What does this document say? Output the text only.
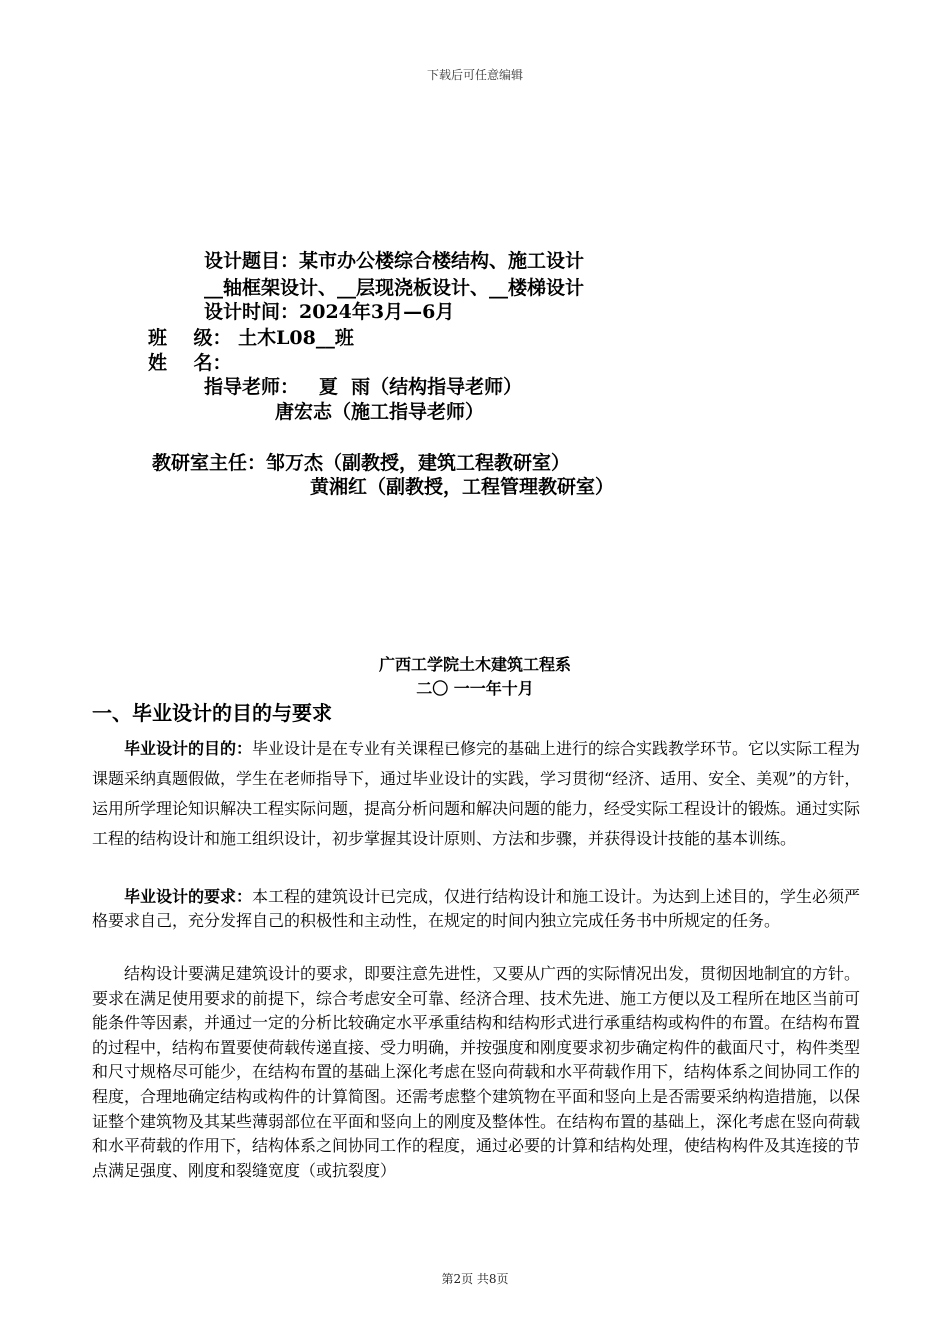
下载后可任意编辑
设计题目：某市办公楼综合楼结构、施工设计
__轴框架设计、__层现浇板设计、__楼梯设计
设计时间：2024年3月—6月
班    级： 土木L08__班
姓    名：
指导老师：   夏  雨（结构指导老师）
唐宏志（施工指导老师）
教研室主任：邹万杰（副教授，建筑工程教研室）
黄湘红（副教授，工程管理教研室）
广西工学院土木建筑工程系
二〇 一一年十月
一、毕业设计的目的与要求

毕业设计的目的：毕业设计是在专业有关课程已修完的基础上进行的综合实践教学环节。它以实际工程为课题采纳真题假做，学生在老师指导下，通过毕业设计的实践，学习贯彻“经济、适用、安全、美观”的方针，运用所学理论知识解决工程实际问题，提高分析问题和解决问题的能力，经受实际工程设计的锻炼。通过实际工程的结构设计和施工组织设计，初步掌握其设计原则、方法和步骤，并获得设计技能的基本训练。

毕业设计的要求：本工程的建筑设计已完成，仅进行结构设计和施工设计。为达到上述目的，学生必须严格要求自己，充分发挥自己的积极性和主动性，在规定的时间内独立完成任务书中所规定的任务。

结构设计要满足建筑设计的要求，即要注意先进性，又要从广西的实际情况出发，贯彻因地制宜的方针。要求在满足使用要求的前提下，综合考虑安全可靠、经济合理、技术先进、施工方便以及工程所在地区当前可能条件等因素，并通过一定的分析比较确定水平承重结构和结构形式进行承重结构或构件的布置。在结构布置的过程中，结构布置要使荷载传递直接、受力明确，并按强度和刚度要求初步确定构件的截面尺寸，构件类型和尺寸规格尽可能少，在结构布置的基础上深化考虑在竖向荷载和水平荷载作用下，结构体系之间协同工作的程度，合理地确定结构或构件的计算简图。还需考虑整个建筑物在平面和竖向上是否需要采纳构造措施，以保证整个建筑物及其某些薄弱部位在平面和竖向上的刚度及整体性。在结构布置的基础上，深化考虑在竖向荷载和水平荷载的作用下，结构体系之间协同工作的程度，通过必要的计算和结构处理，使结构构件及其连接的节点满足强度、刚度和裂缝宽度（或抗裂度）

第2页 共8页
